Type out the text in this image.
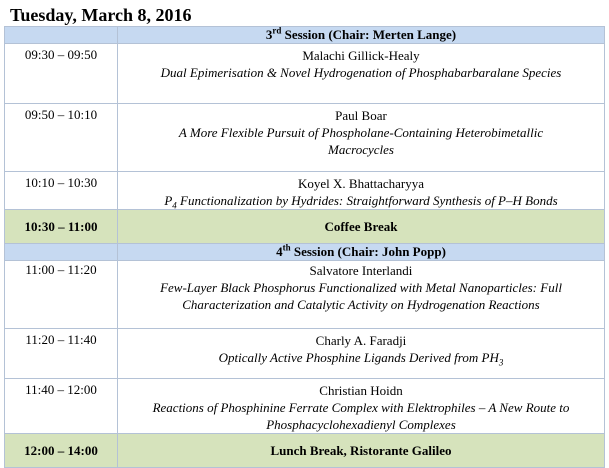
Tuesday, March 8, 2016
	3rd Session (Chair: Merten Lange)
09:30 – 09:50	Malachi Gillick-Healy
Dual Epimerisation & Novel Hydrogenation of Phosphabarbaralane Species

09:50 – 10:10	Paul Boar
A More Flexible Pursuit of Phospholane-Containing Heterobimetallic Macrocycles

10:10 – 10:30	Koyel X. Bhattacharyya
$P_4$ Functionalization by Hydrides: Straightforward Synthesis of P–H Bonds

10:30 – 11:00	Coffee Break
	4th Session (Chair: John Popp)
11:00 – 11:20	Salvatore Interlandi
Few-Layer Black Phosphorus Functionalized with Metal Nanoparticles: Full Characterization and Catalytic Activity on Hydrogenation Reactions

11:20 – 11:40	Charly A. Faradji
Optically Active Phosphine Ligands Derived from $PH_3$

11:40 – 12:00	Christian Hoidn
Reactions of Phosphinine Ferrate Complex with Elektrophiles – A New Route to Phosphacyclohexadienyl Complexes

12:00 – 14:00	Lunch Break, Ristorante Galileo
